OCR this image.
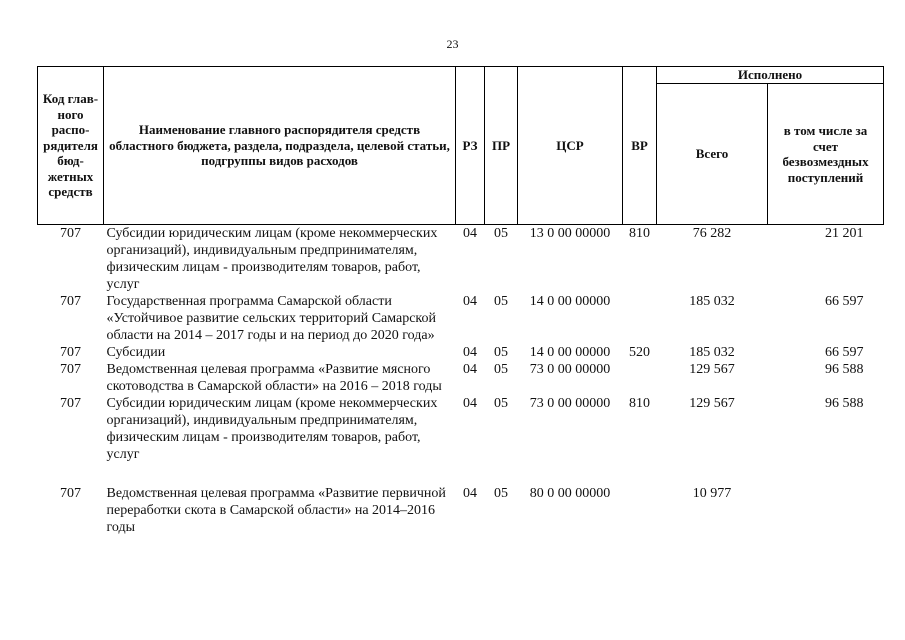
23
Код главного распорядителя бюджетных средств	Наименование главного распорядителя средств областного бюджета, раздела, подраздела, целевой статьи, подгруппы видов расходов	РЗ	ПР	ЦСР	ВР	Исполнено	
						Всего	в том числе за счет безвозмездных поступлений
707	Субсидии юридическим лицам (кроме некоммерческих организаций), индивидуальным предпринимателям, физическим лицам - производителям товаров, работ, услуг	04	05	13 0 00 00000	810	76 282	21 201
707	Государственная программа Самарской области «Устойчивое развитие сельских территорий Самарской области на 2014 – 2017 годы и на период до 2020 года»	04	05	14 0 00 00000		185 032	66 597
707	Субсидии	04	05	14 0 00 00000	520	185 032	66 597
707	Ведомственная целевая программа «Развитие мясного скотоводства в Самарской области» на 2016 – 2018 годы	04	05	73 0 00 00000		129 567	96 588
707	Субсидии юридическим лицам (кроме некоммерческих организаций), индивидуальным предпринимателям, физическим лицам - производителям товаров, работ, услуг	04	05	73 0 00 00000	810	129 567	96 588
707	Ведомственная целевая программа «Развитие первичной переработки скота в Самарской области» на 2014–2016 годы	04	05	80 0 00 00000		10 977	
